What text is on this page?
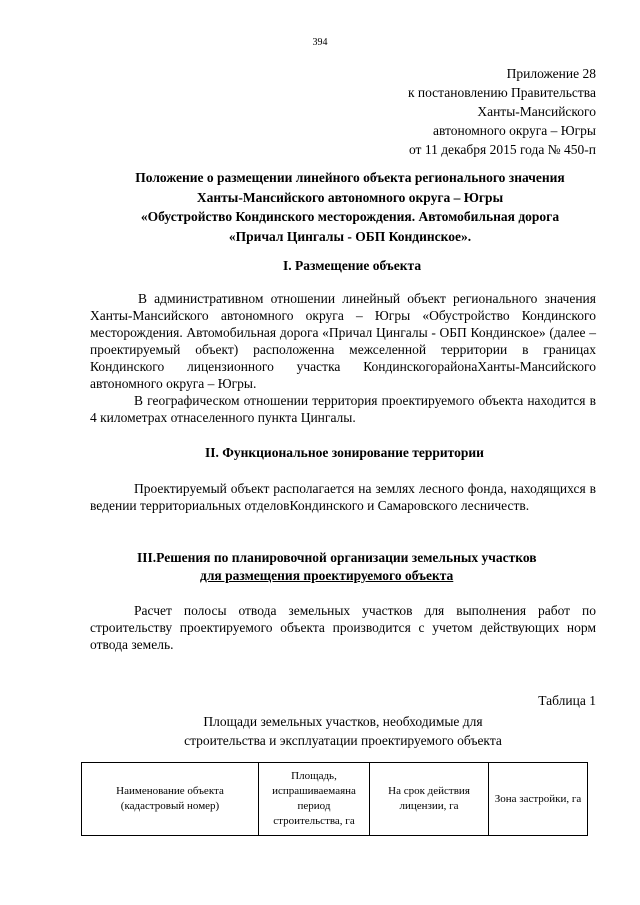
394
Приложение 28
к постановлению Правительства
Ханты-Мансийского
автономного округа – Югры
от 11 декабря 2015 года № 450-п
Положение о размещении линейного объекта регионального значения
Ханты-Мансийского автономного округа – Югры
«Обустройство Кондинского месторождения. Автомобильная дорога
«Причал Цингалы - ОБП Кондинское».
I. Размещение объекта

В административном отношении линейный объект регионального значения Ханты-Мансийского автономного округа – Югры «Обустройство Кондинского месторождения. Автомобильная дорога «Причал Цингалы - ОБП Кондинское» (далее – проектируемый объект) расположенна межселенной территории в границах Кондинского лицензионного участка КондинскогорайонаХанты-Мансийского автономного округа – Югры.

В географическом отношении территория проектируемого объекта находится в 4 километрах отнаселенного пункта Цингалы.

II. Функциональное зонирование территории

Проектируемый объект располагается на землях лесного фонда, находящихся в ведении территориальных отделовКондинского и Самаровского лесничеств.

III.Решения по планировочной организации земельных участков
для размещения проектируемого объекта

Расчет полосы отвода земельных участков для выполнения работ по строительству проектируемого объекта производится с учетом действующих норм отвода земель.

Таблица 1
Площади земельных участков, необходимые для
строительства и эксплуатации проектируемого объекта
Наименование объекта (кадастровый номер)	Площадь, испрашиваемаяна период строительства, га	На срок действия лицензии, га	Зона застройки, га
